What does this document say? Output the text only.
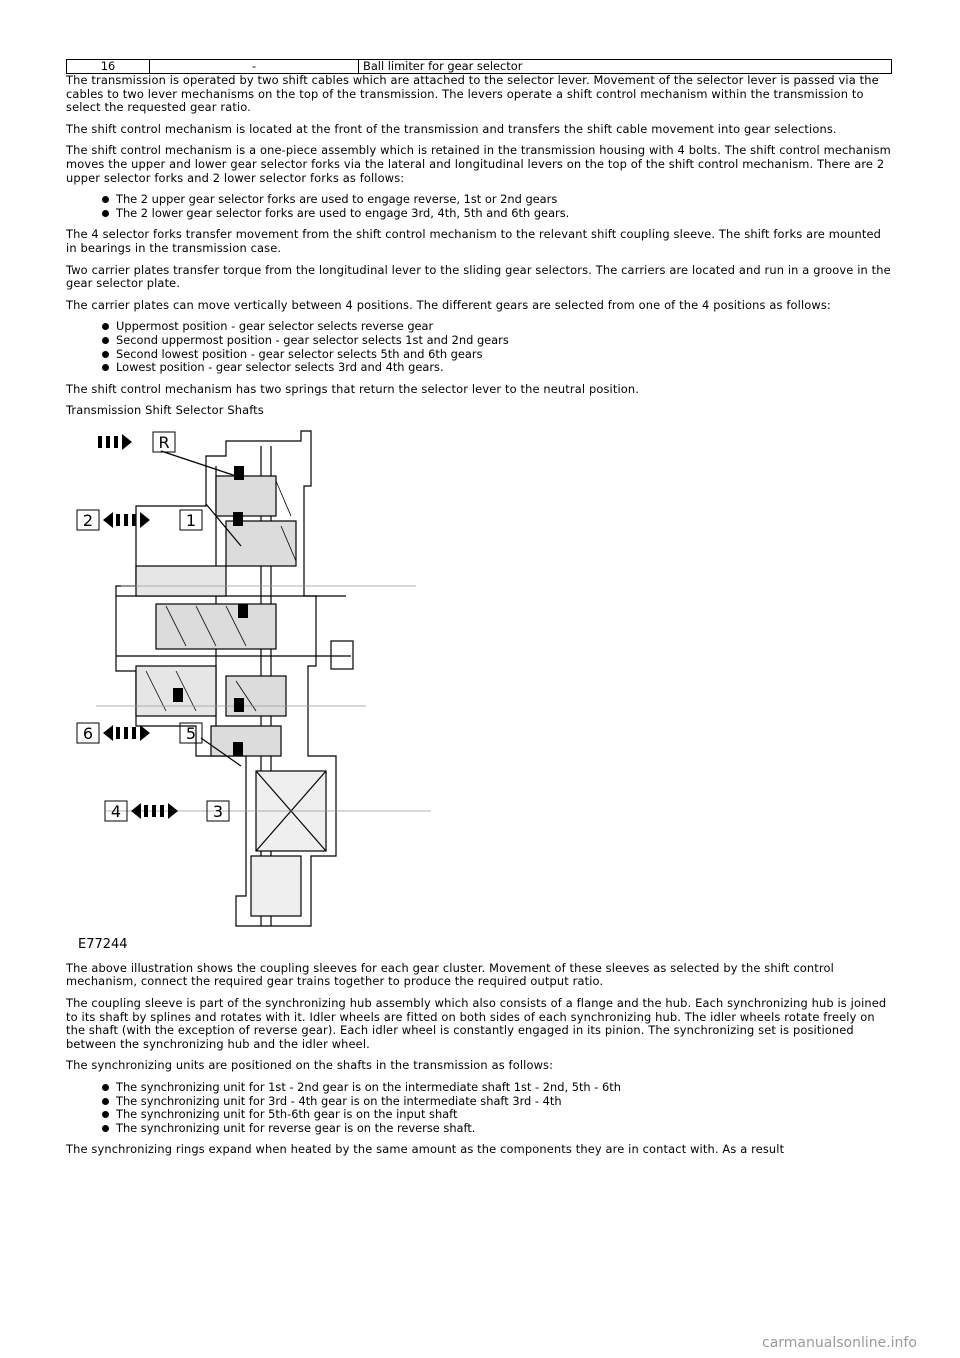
16	-	Ball limiter for gear selector

The transmission is operated by two shift cables which are attached to the selector lever. Movement of the selector lever is passed via the cables to two lever mechanisms on the top of the transmission. The levers operate a shift control mechanism within the transmission to select the requested gear ratio.

The shift control mechanism is located at the front of the transmission and transfers the shift cable movement into gear selections.

The shift control mechanism is a one-piece assembly which is retained in the transmission housing with 4 bolts. The shift control mechanism moves the upper and lower gear selector forks via the lateral and longitudinal levers on the top of the shift control mechanism. There are 2 upper selector forks and 2 lower selector forks as follows:

The 2 upper gear selector forks are used to engage reverse, 1st or 2nd gears
The 2 lower gear selector forks are used to engage 3rd, 4th, 5th and 6th gears.

The 4 selector forks transfer movement from the shift control mechanism to the relevant shift coupling sleeve. The shift forks are mounted in bearings in the transmission case.

Two carrier plates transfer torque from the longitudinal lever to the sliding gear selectors. The carriers are located and run in a groove in the gear selector plate.

The carrier plates can move vertically between 4 positions. The different gears are selected from one of the 4 positions as follows:

Uppermost position - gear selector selects reverse gear
Second uppermost position - gear selector selects 1st and 2nd gears
Second lowest position - gear selector selects 5th and 6th gears
Lowest position - gear selector selects 3rd and 4th gears.

The shift control mechanism has two springs that return the selector lever to the neutral position.

Transmission Shift Selector Shafts

R
2	1
6	5
4	3
E77244

The above illustration shows the coupling sleeves for each gear cluster. Movement of these sleeves as selected by the shift control mechanism, connect the required gear trains together to produce the required output ratio.

The coupling sleeve is part of the synchronizing hub assembly which also consists of a flange and the hub. Each synchronizing hub is joined to its shaft by splines and rotates with it. Idler wheels are fitted on both sides of each synchronizing hub. The idler wheels rotate freely on the shaft (with the exception of reverse gear). Each idler wheel is constantly engaged in its pinion. The synchronizing set is positioned between the synchronizing hub and the idler wheel.

The synchronizing units are positioned on the shafts in the transmission as follows:

The synchronizing unit for 1st - 2nd gear is on the intermediate shaft 1st - 2nd, 5th - 6th
The synchronizing unit for 3rd - 4th gear is on the intermediate shaft 3rd - 4th
The synchronizing unit for 5th-6th gear is on the input shaft
The synchronizing unit for reverse gear is on the reverse shaft.

The synchronizing rings expand when heated by the same amount as the components they are in contact with. As a result

carmanualsonline.info
